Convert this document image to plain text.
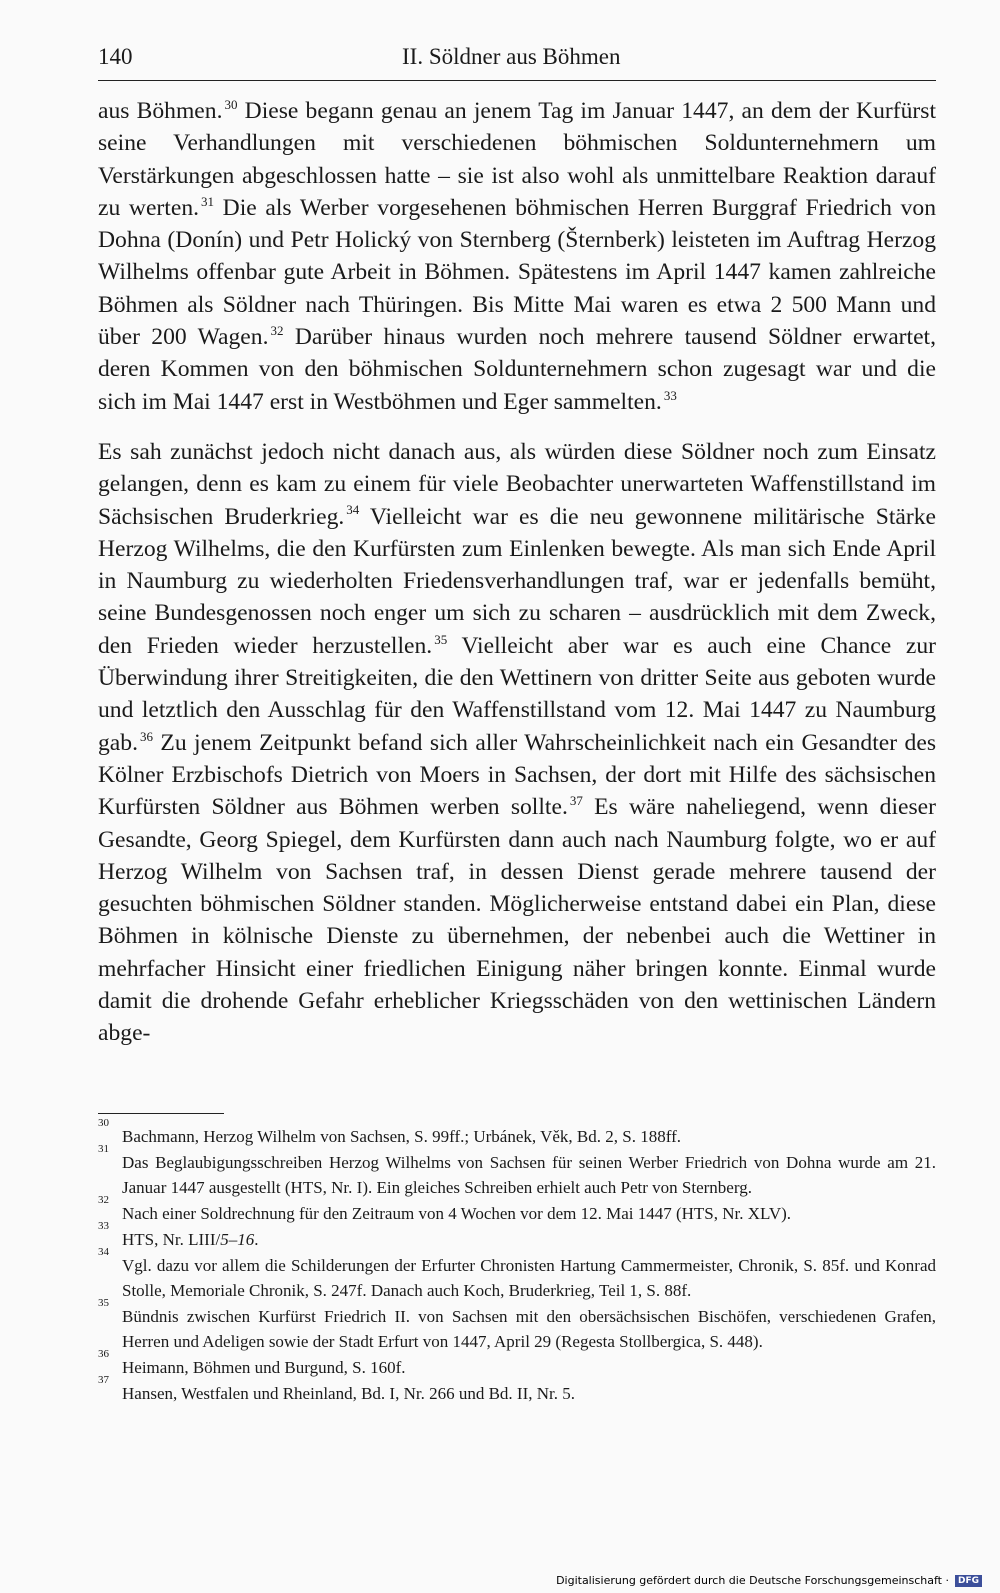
140	II. Söldner aus Böhmen

aus Böhmen. $^{30}$ Diese begann genau an jenem Tag im Januar 1447, an dem der Kurfürst seine Verhandlungen mit verschiedenen böhmischen Soldunternehmern um Verstärkungen abgeschlossen hatte – sie ist also wohl als unmittelbare Reaktion darauf zu werten. $^{31}$ Die als Werber vorgesehenen böhmischen Herren Burggraf Friedrich von Dohna (Donín) und Petr Holický von Sternberg (Šternberk) leisteten im Auftrag Herzog Wilhelms offenbar gute Arbeit in Böhmen. Spätestens im April 1447 kamen zahlreiche Böhmen als Söldner nach Thüringen. Bis Mitte Mai waren es etwa 2 500 Mann und über 200 Wagen. $^{32}$ Darüber hinaus wurden noch mehrere tausend Söldner erwartet, deren Kommen von den böhmischen Soldunternehmern schon zugesagt war und die sich im Mai 1447 erst in Westböhmen und Eger sammelten. $^{33}$

Es sah zunächst jedoch nicht danach aus, als würden diese Söldner noch zum Einsatz gelangen, denn es kam zu einem für viele Beobachter unerwarteten Waffenstillstand im Sächsischen Bruderkrieg. $^{34}$ Vielleicht war es die neu gewonnene militärische Stärke Herzog Wilhelms, die den Kurfürsten zum Einlenken bewegte. Als man sich Ende April in Naumburg zu wiederholten Friedensverhandlungen traf, war er jedenfalls bemüht, seine Bundesgenossen noch enger um sich zu scharen – ausdrücklich mit dem Zweck, den Frieden wieder herzustellen. $^{35}$ Vielleicht aber war es auch eine Chance zur Überwindung ihrer Streitigkeiten, die den Wettinern von dritter Seite aus geboten wurde und letztlich den Ausschlag für den Waffenstillstand vom 12. Mai 1447 zu Naumburg gab. $^{36}$ Zu jenem Zeitpunkt befand sich aller Wahrscheinlichkeit nach ein Gesandter des Kölner Erzbischofs Dietrich von Moers in Sachsen, der dort mit Hilfe des sächsischen Kurfürsten Söldner aus Böhmen werben sollte. $^{37}$ Es wäre naheliegend, wenn dieser Gesandte, Georg Spiegel, dem Kurfürsten dann auch nach Naumburg folgte, wo er auf Herzog Wilhelm von Sachsen traf, in dessen Dienst gerade mehrere tausend der gesuchten böhmischen Söldner standen. Möglicherweise entstand dabei ein Plan, diese Böhmen in kölnische Dienste zu übernehmen, der nebenbei auch die Wettiner in mehrfacher Hinsicht einer friedlichen Einigung näher bringen konnte. Einmal wurde damit die drohende Gefahr erheblicher Kriegsschäden von den wettinischen Ländern abge-

30
Bachmann, Herzog Wilhelm von Sachsen, S. 99ff.; Urbánek, Věk, Bd. 2, S. 188ff.
31
Das Beglaubigungsschreiben Herzog Wilhelms von Sachsen für seinen Werber Friedrich von Dohna wurde am 21. Januar 1447 ausgestellt (HTS, Nr. I). Ein gleiches Schreiben erhielt auch Petr von Sternberg.
32
Nach einer Soldrechnung für den Zeitraum von 4 Wochen vor dem 12. Mai 1447 (HTS, Nr. XLV).
33
HTS, Nr. LIII/5–16.
34
Vgl. dazu vor allem die Schilderungen der Erfurter Chronisten Hartung Cammermeister, Chronik, S. 85f. und Konrad Stolle, Memoriale Chronik, S. 247f. Danach auch Koch, Bruderkrieg, Teil 1, S. 88f.
35
Bündnis zwischen Kurfürst Friedrich II. von Sachsen mit den obersächsischen Bischöfen, verschiedenen Grafen, Herren und Adeligen sowie der Stadt Erfurt von 1447, April 29 (Regesta Stollbergica, S. 448).
36
Heimann, Böhmen und Burgund, S. 160f.
37
Hansen, Westfalen und Rheinland, Bd. I, Nr. 266 und Bd. II, Nr. 5.
Digitalisierung gefördert durch die Deutsche Forschungsgemeinschaft ·	DFG
